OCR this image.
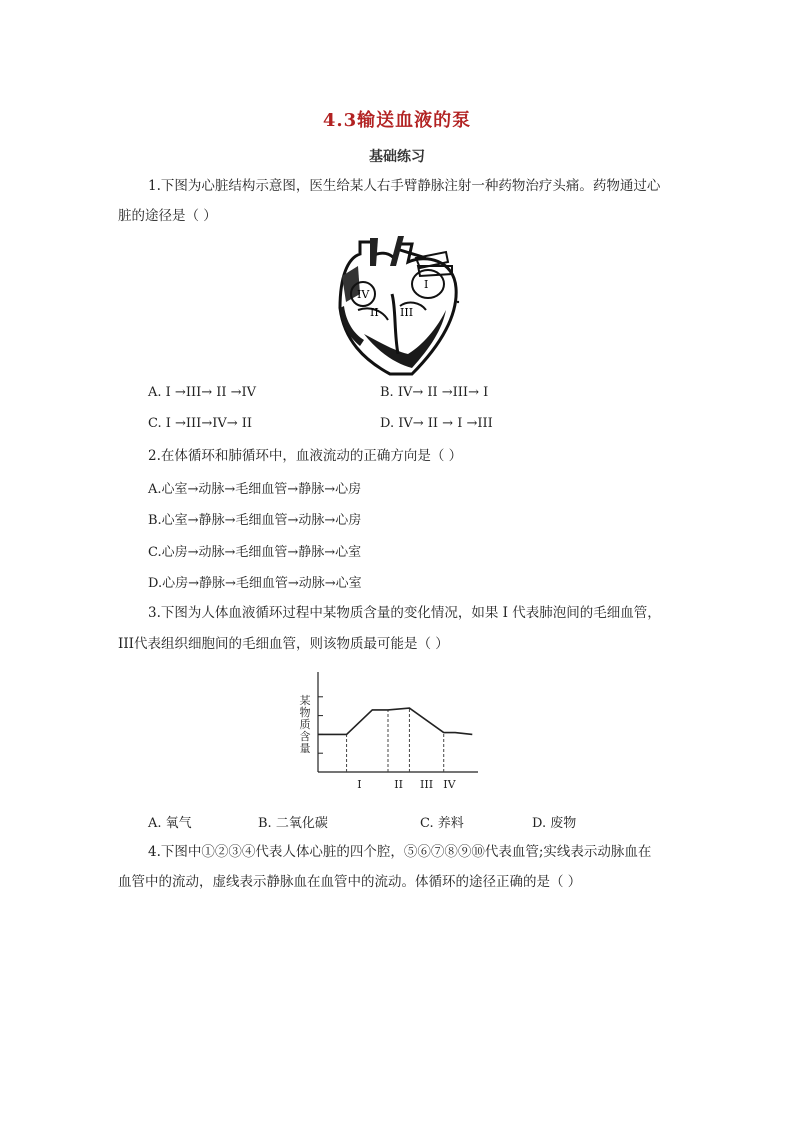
4.3输送血液的泵
基础练习
1.下图为心脏结构示意图，医生给某人右手臂静脉注射一种药物治疗头痛。药物通过心
脏的途径是（ ）
IV
I
II III
A. I →III→ II →IV	B. IV→ II →III→ I
C. I →III→IV→ II	D. IV→ II → I →III
2.在体循环和肺循环中，血液流动的正确方向是（ ）
A.心室→动脉→毛细血管→静脉→心房
B.心室→静脉→毛细血管→动脉→心房
C.心房→动脉→毛细血管→静脉→心室
D.心房→静脉→毛细血管→动脉→心室
3.下图为人体血液循环过程中某物质含量的变化情况，如果 I 代表肺泡间的毛细血管，
III代表组织细胞间的毛细血管，则该物质最可能是（ ）
I	II III IV
某
物
质
含
量
A. 氧气	B. 二氧化碳	C. 养料	D. 废物
4.下图中①②③④代表人体心脏的四个腔，⑤⑥⑦⑧⑨⑩代表血管;实线表示动脉血在
血管中的流动，虚线表示静脉血在血管中的流动。体循环的途径正确的是（ ）
